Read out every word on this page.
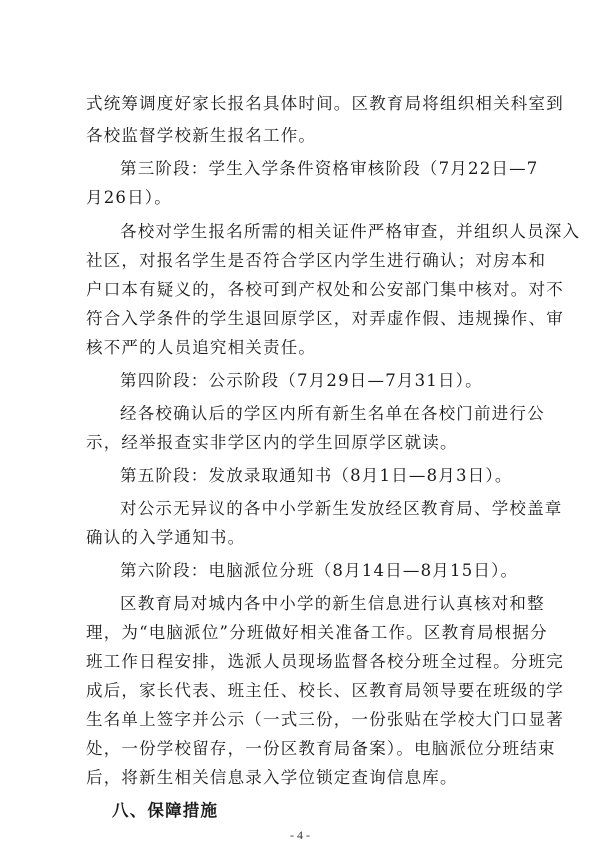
式统筹调度好家长报名具体时间。区教育局将组织相关科室到
各校监督学校新生报名工作。
第三阶段：学生入学条件资格审核阶段（7月22日—7
月26日）。
各校对学生报名所需的相关证件严格审查，并组织人员深入
社区，对报名学生是否符合学区内学生进行确认；对房本和
户口本有疑义的，各校可到产权处和公安部门集中核对。对不
符合入学条件的学生退回原学区，对弄虚作假、违规操作、审
核不严的人员追究相关责任。
第四阶段：公示阶段（7月29日—7月31日）。
经各校确认后的学区内所有新生名单在各校门前进行公
示，经举报查实非学区内的学生回原学区就读。
第五阶段：发放录取通知书（8月1日—8月3日）。
对公示无异议的各中小学新生发放经区教育局、学校盖章
确认的入学通知书。
第六阶段：电脑派位分班（8月14日—8月15日）。
区教育局对城内各中小学的新生信息进行认真核对和整
理，为“电脑派位”分班做好相关准备工作。区教育局根据分
班工作日程安排，选派人员现场监督各校分班全过程。分班完
成后，家长代表、班主任、校长、区教育局领导要在班级的学
生名单上签字并公示（一式三份，一份张贴在学校大门口显著
处，一份学校留存，一份区教育局备案）。电脑派位分班结束
后，将新生相关信息录入学位锁定查询信息库。
八、保障措施
- 4 -
